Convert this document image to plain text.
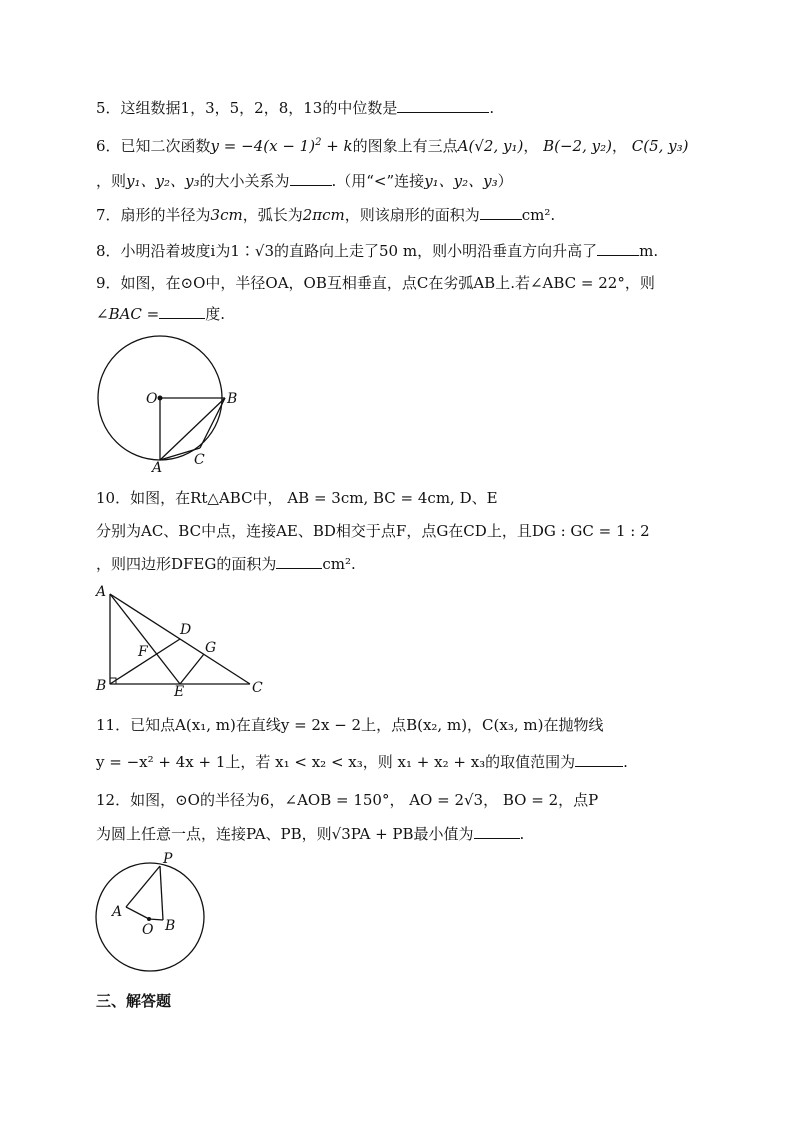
5．这组数据1，3，5，2，8，13的中位数是	.
6．已知二次函数$y = -4(x - 1)^2 + k$的图象上有三点A(√2, y₁)， B(−2, y₂)， C(5, y₃)
，则y₁、y₂、y₃的大小关系为	.（用“<”连接y₁、y₂、y₃）
7．扇形的半径为3cm，弧长为2πcm，则该扇形的面积为	cm².
8．小明沿着坡度i为1∶√3的直路向上走了50 m，则小明沿垂直方向升高了	m.
9．如图，在⊙O中，半径OA，OB互相垂直，点C在劣弧AB上.若∠ABC = 22°，则
∠BAC =	度.
O	B
A C
10．如图，在Rt△ABC中， AB = 3cm, BC = 4cm, D、E
分别为AC、BC中点，连接AE、BD相交于点F，点G在CD上，且DG : GC = 1 : 2
，则四边形DFEG的面积为	cm².
A
B	C
D
E
F	G
11．已知点A(x₁, m)在直线y = 2x − 2上，点B(x₂, m)，C(x₃, m)在抛物线
y = −x² + 4x + 1上，若 x₁ < x₂ < x₃，则 x₁ + x₂ + x₃的取值范围为	.
12．如图，⊙O的半径为6，∠AOB = 150°， AO = 2√3， BO = 2，点P
为圆上任意一点，连接PA、PB，则√3PA + PB最小值为	.
P
A
O B
三、解答题
